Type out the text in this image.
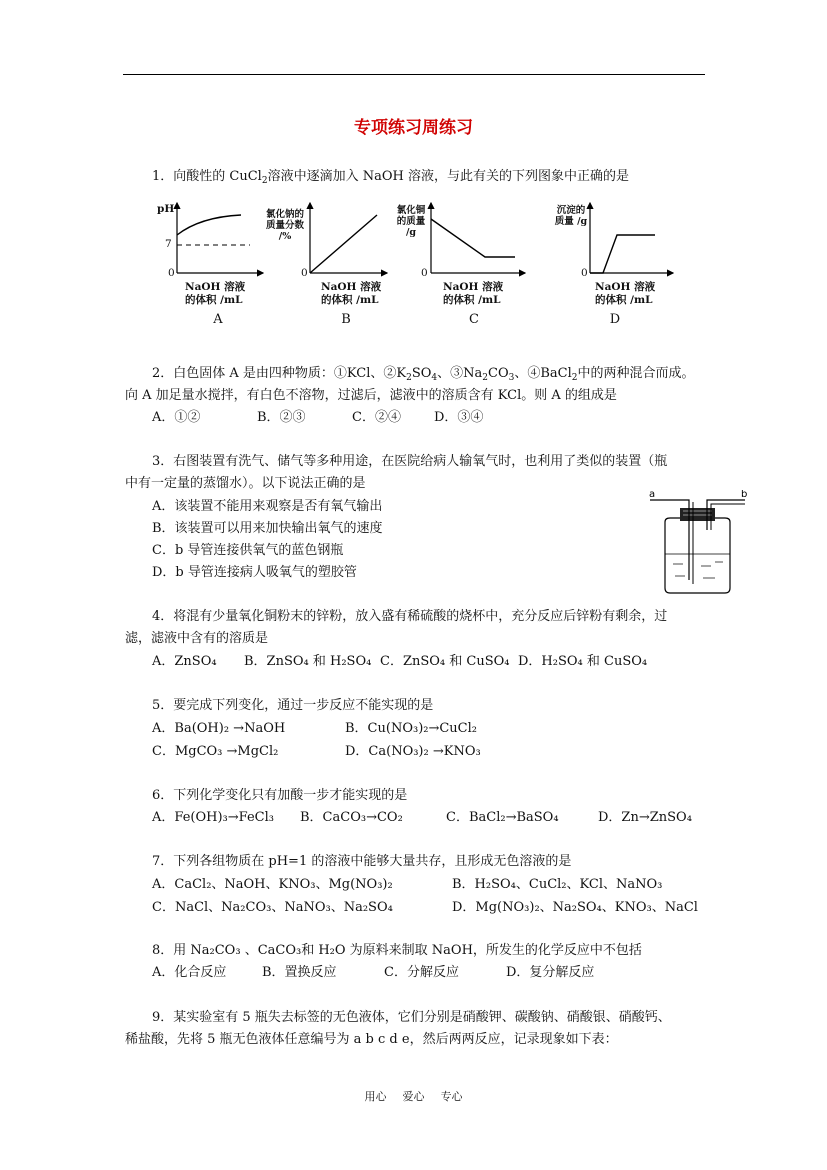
专项练习周练习
1．向酸性的 CuCl$_2$溶液中逐滴加入 NaOH 溶液，与此有关的下列图象中正确的是
pH
7
0
NaOH 溶液
的体积 /mL
A
氯化钠的质量分数 /%
0
NaOH 溶液
的体积 /mL
B
氯化铜的质量 /g
0
NaOH 溶液
的体积 /mL
C
沉淀的质量 /g
0
NaOH 溶液
的体积 /mL
D
2．白色固体 A 是由四种物质：①KCl、$②K_2SO_4$、$③Na_2CO_3$、④BaCl$_2$中的两种混合而成。
向 A 加足量水搅拌，有白色不溶物，过滤后，滤液中的溶质含有 KCl。则 A 的组成是
A．①②	B．②③	C．②④	D．③④
3．右图装置有洗气、储气等多种用途，在医院给病人输氧气时，也利用了类似的装置（瓶
中有一定量的蒸馏水）。以下说法正确的是
A．该装置不能用来观察是否有氧气输出
B．该装置可以用来加快输出氧气的速度
C．b 导管连接供氧气的蓝色钢瓶
D．b 导管连接病人吸氧气的塑胶管
a	b
4．将混有少量氧化铜粉末的锌粉，放入盛有稀硫酸的烧杯中，充分反应后锌粉有剩余，过
滤，滤液中含有的溶质是
A．ZnSO₄ B．ZnSO₄ 和 H₂SO₄ C．ZnSO₄ 和 CuSO₄ D．H₂SO₄ 和 CuSO₄
5．要完成下列变化，通过一步反应不能实现的是
A．Ba(OH)₂ →NaOH	B．Cu(NO₃)₂→CuCl₂
C．MgCO₃ →MgCl₂	D．Ca(NO₃)₂ →KNO₃
6．下列化学变化只有加酸一步才能实现的是
A．Fe(OH)₃→FeCl₃ B．CaCO₃→CO₂	C．BaCl₂→BaSO₄	D．Zn→ZnSO₄
7．下列各组物质在 pH=1 的溶液中能够大量共存，且形成无色溶液的是
A．CaCl₂、NaOH、KNO₃、Mg(NO₃)₂	B．H₂SO₄、CuCl₂、KCl、NaNO₃
C．NaCl、Na₂CO₃、NaNO₃、Na₂SO₄	D．Mg(NO₃)₂、Na₂SO₄、KNO₃、NaCl
8．用 Na₂CO₃ 、CaCO₃和 H₂O 为原料来制取 NaOH，所发生的化学反应中不包括
A．化合反应	B．置换反应	C．分解反应	D．复分解反应
9．某实验室有 5 瓶失去标签的无色液体，它们分别是硝酸钾、碳酸钠、硝酸银、硝酸钙、
稀盐酸，先将 5 瓶无色液体任意编号为 a b c d e，然后两两反应，记录现象如下表：
用心 爱心 专心
